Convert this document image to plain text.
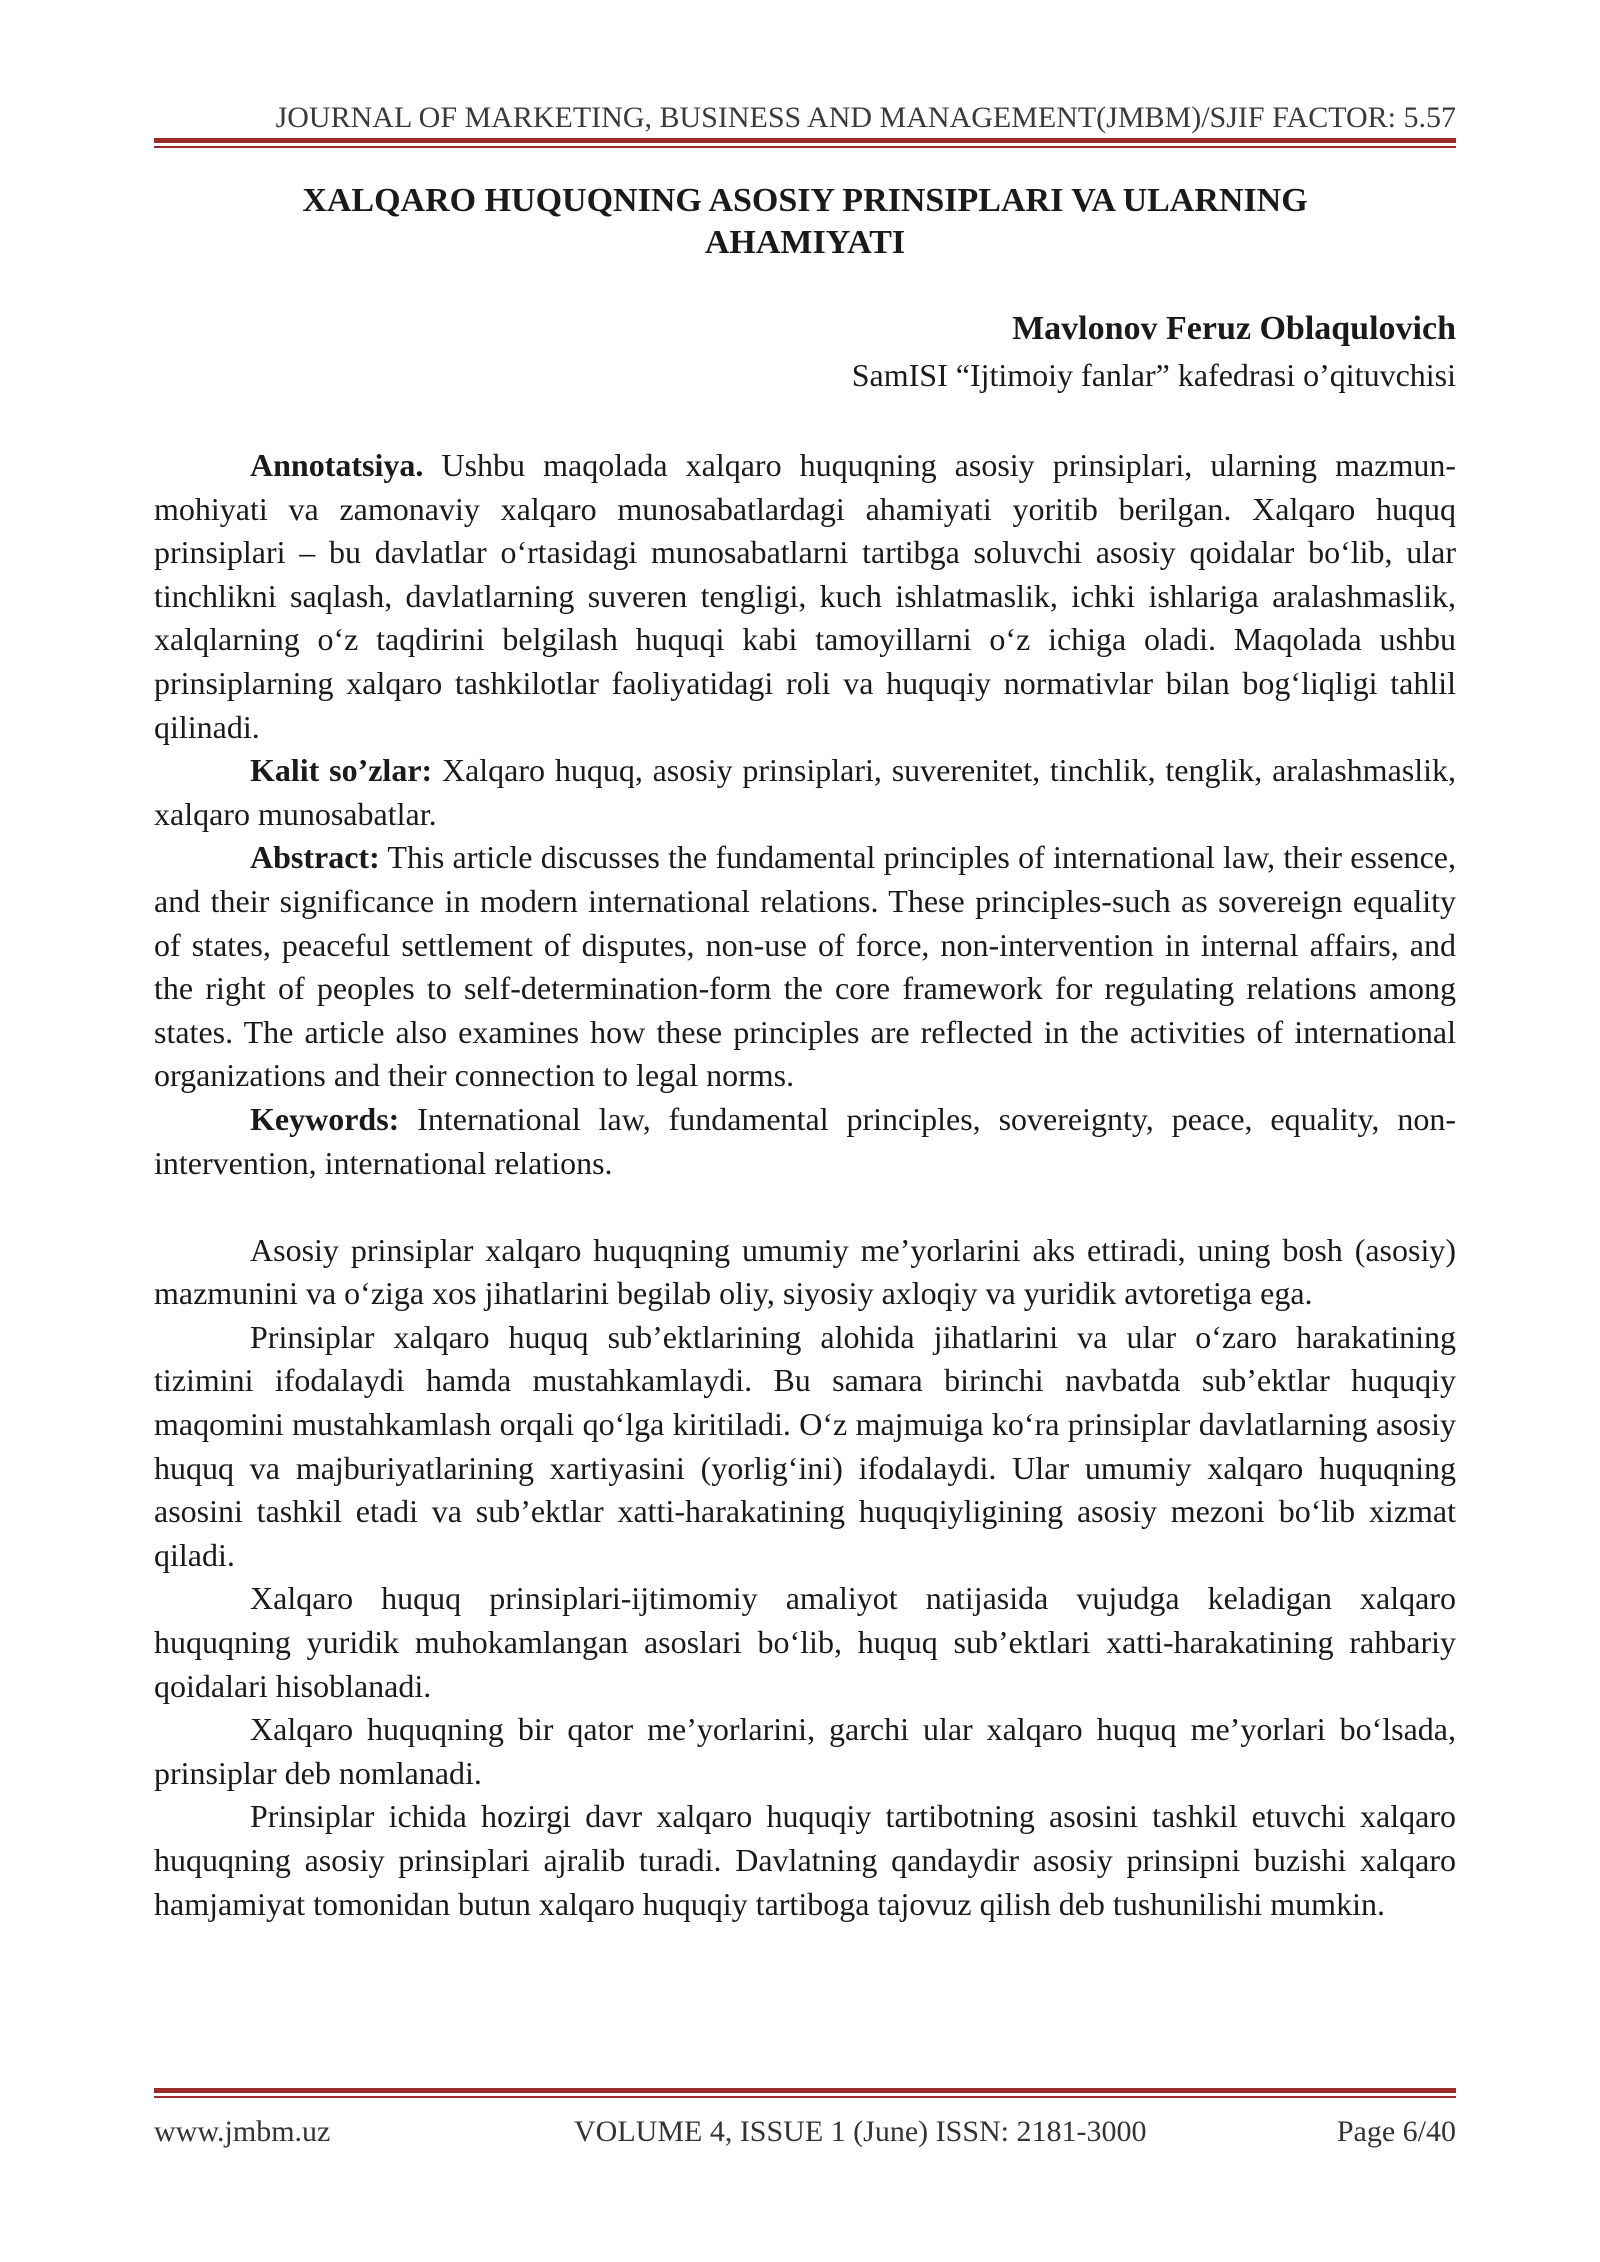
JOURNAL OF MARKETING, BUSINESS AND MANAGEMENT(JMBM)/SJIF FACTOR: 5.57
XALQARO HUQUQNING ASOSIY PRINSIPLARI VA ULARNING
AHAMIYATI
Mavlonov Feruz Oblaqulovich
SamISI “Ijtimoiy fanlar” kafedrasi o’qituvchisi

Annotatsiya. Ushbu maqolada xalqaro huquqning asosiy prinsiplari, ularning mazmun-mohiyati va zamonaviy xalqaro munosabatlardagi ahamiyati yoritib berilgan. Xalqaro huquq prinsiplari – bu davlatlar o‘rtasidagi munosabatlarni tartibga soluvchi asosiy qoidalar bo‘lib, ular tinchlikni saqlash, davlatlarning suveren tengligi, kuch ishlatmaslik, ichki ishlariga aralashmaslik, xalqlarning o‘z taqdirini belgilash huquqi kabi tamoyillarni o‘z ichiga oladi. Maqolada ushbu prinsiplarning xalqaro tashkilotlar faoliyatidagi roli va huquqiy normativlar bilan bog‘liqligi tahlil qilinadi.

Kalit so’zlar: Xalqaro huquq, asosiy prinsiplari, suverenitet, tinchlik, tenglik, aralashmaslik, xalqaro munosabatlar.

Abstract: This article discusses the fundamental principles of international law, their essence, and their significance in modern international relations. These principles-such as sovereign equality of states, peaceful settlement of disputes, non-use of force, non-intervention in internal affairs, and the right of peoples to self-determination-form the core framework for regulating relations among states. The article also examines how these principles are reflected in the activities of international organizations and their connection to legal norms.

Keywords: International law, fundamental principles, sovereignty, peace, equality, non-intervention, international relations.

Asosiy prinsiplar xalqaro huquqning umumiy me’yorlarini aks ettiradi, uning bosh (asosiy) mazmunini va o‘ziga xos jihatlarini begilab oliy, siyosiy axloqiy va yuridik avtoretiga ega.

Prinsiplar xalqaro huquq sub’ektlarining alohida jihatlarini va ular o‘zaro harakatining tizimini ifodalaydi hamda mustahkamlaydi. Bu samara birinchi navbatda sub’ektlar huquqiy maqomini mustahkamlash orqali qo‘lga kiritiladi. O‘z majmuiga ko‘ra prinsiplar davlatlarning asosiy huquq va majburiyatlarining xartiyasini (yorlig‘ini) ifodalaydi. Ular umumiy xalqaro huquqning asosini tashkil etadi va sub’ektlar xatti-harakatining huquqiyligining asosiy mezoni bo‘lib xizmat qiladi.

Xalqaro huquq prinsiplari-ijtimomiy amaliyot natijasida vujudga keladigan xalqaro huquqning yuridik muhokamlangan asoslari bo‘lib, huquq sub’ektlari xatti-harakatining rahbariy qoidalari hisoblanadi.

Xalqaro huquqning bir qator me’yorlarini, garchi ular xalqaro huquq me’yorlari bo‘lsada, prinsiplar deb nomlanadi.

Prinsiplar ichida hozirgi davr xalqaro huquqiy tartibotning asosini tashkil etuvchi xalqaro huquqning asosiy prinsiplari ajralib turadi. Davlatning qandaydir asosiy prinsipni buzishi xalqaro hamjamiyat tomonidan butun xalqaro huquqiy tartiboga tajovuz qilish deb tushunilishi mumkin.

www.jmbm.uz	VOLUME 4, ISSUE 1 (June) ISSN: 2181-3000	Page 6/40
